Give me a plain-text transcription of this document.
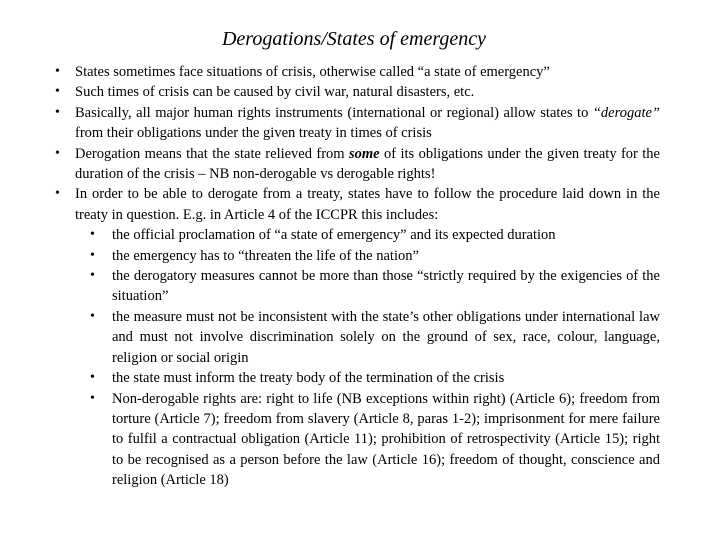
Derogations/States of emergency
• States sometimes face situations of crisis, otherwise called “a state of emergency”
• Such times of crisis can be caused by civil war, natural disasters, etc.
• Basically, all major human rights instruments (international or regional) allow states to “derogate” from their obligations under the given treaty in times of crisis
• Derogation means that the state relieved from some of its obligations under the given treaty for the duration of the crisis – NB non-derogable vs derogable rights!
• In order to be able to derogate from a treaty, states have to follow the procedure laid down in the treaty in question. E.g. in Article 4 of the ICCPR this includes:
• the official proclamation of “a state of emergency” and its expected duration
• the emergency has to “threaten the life of the nation”
• the derogatory measures cannot be more than those “strictly required by the exigencies of the situation”
• the measure must not be inconsistent with the state’s other obligations under international law and must not involve discrimination solely on the ground of sex, race, colour, language, religion or social origin
• the state must inform the treaty body of the termination of the crisis
• Non-derogable rights are: right to life (NB exceptions within right) (Article 6); freedom from torture (Article 7); freedom from slavery (Article 8, paras 1-2); imprisonment for mere failure to fulfil a contractual obligation (Article 11); prohibition of retrospectivity (Article 15); right to be recognised as a person before the law (Article 16); freedom of thought, conscience and religion (Article 18)
